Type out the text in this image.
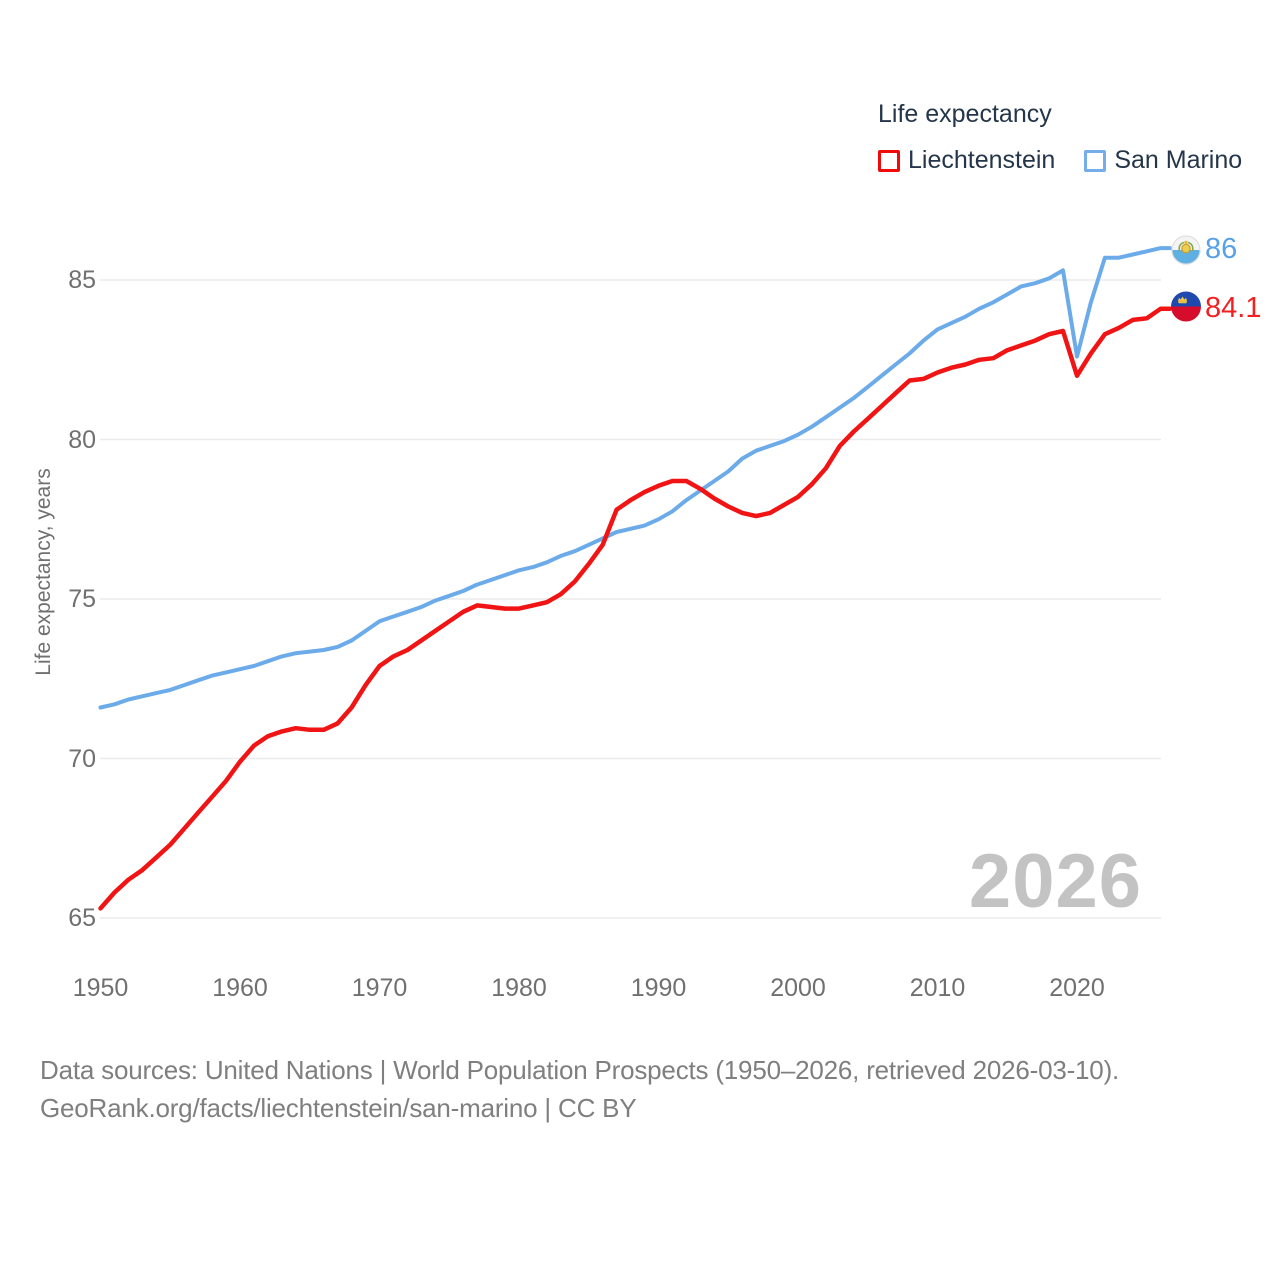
Life expectancy
Liechtenstein San Marino
Life expectancy, years
65
70
75
80
85
1950	1960	1970	1980	1990	2000	2010	2020
2026
86
84.1
Data sources: United Nations | World Population Prospects (1950–2026, retrieved 2026-03-10).
GeoRank.org/facts/liechtenstein/san-marino | CC BY
